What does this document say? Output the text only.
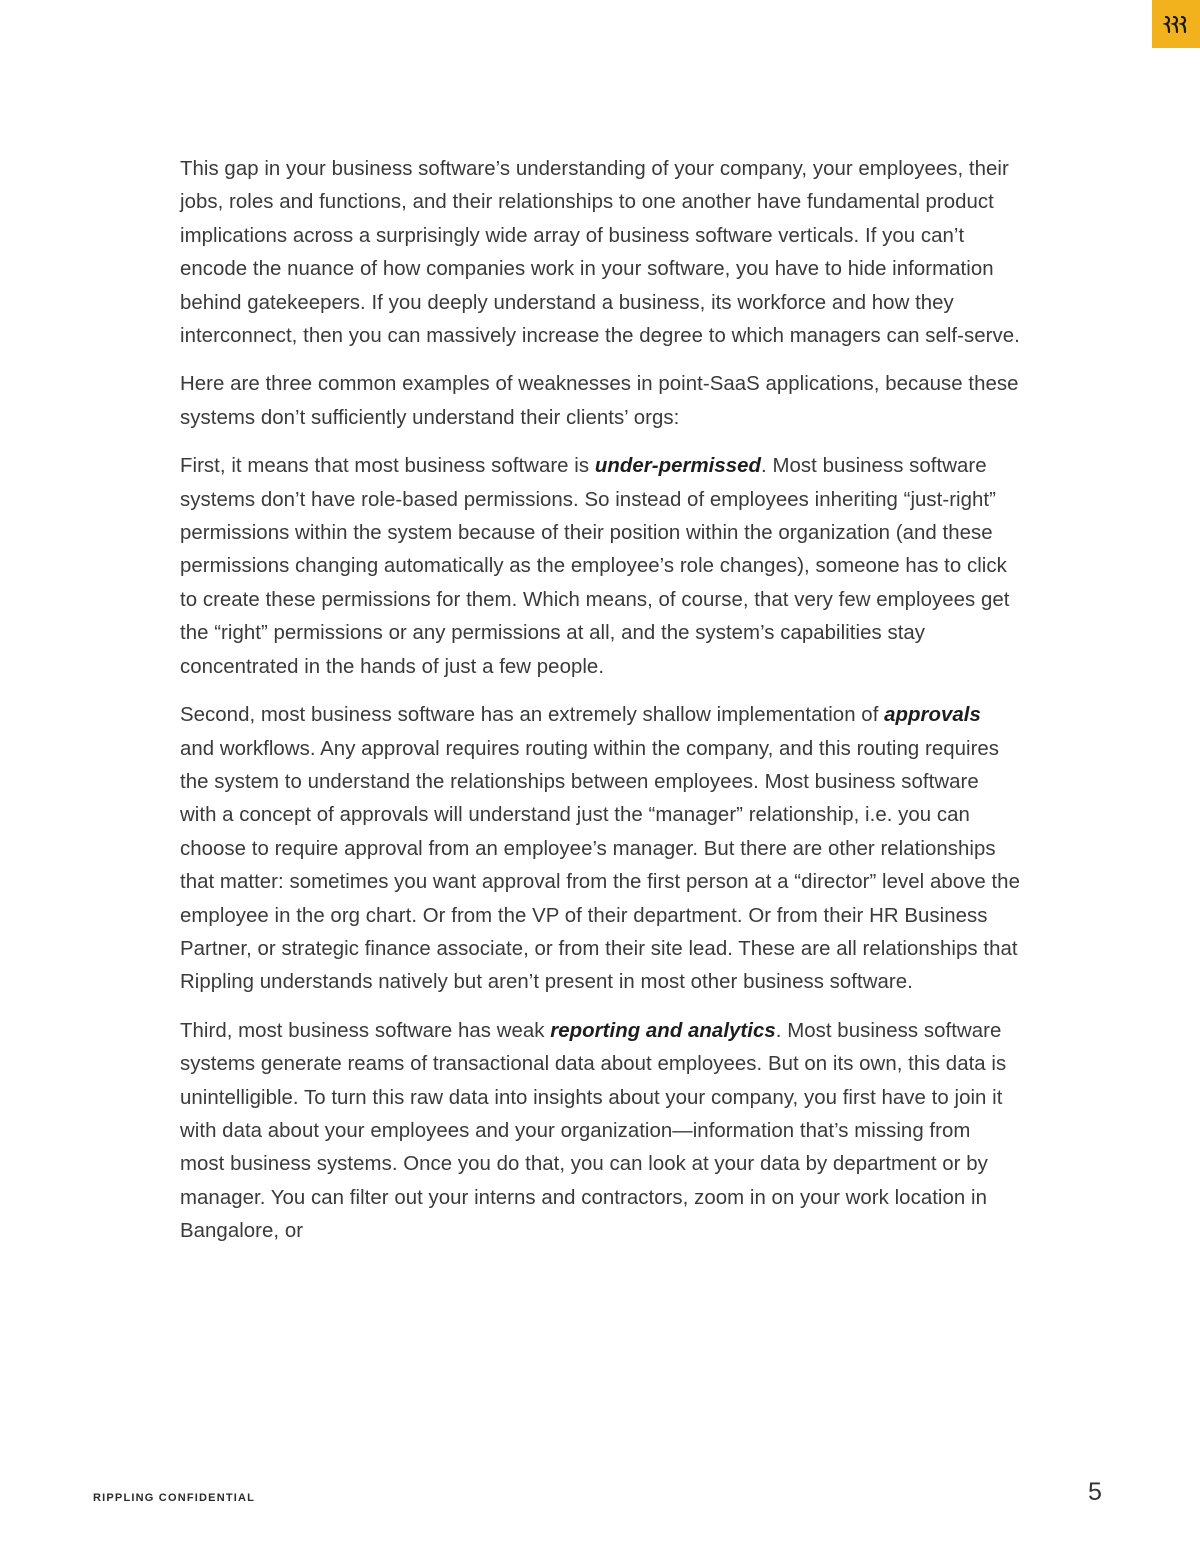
This gap in your business software’s understanding of your company, your employees, their jobs, roles and functions, and their relationships to one another have fundamental product implications across a surprisingly wide array of business software verticals. If you can’t encode the nuance of how companies work in your software, you have to hide information behind gatekeepers. If you deeply understand a business, its workforce and how they interconnect, then you can massively increase the degree to which managers can self-serve.

Here are three common examples of weaknesses in point-SaaS applications, because these systems don’t sufficiently understand their clients’ orgs:

First, it means that most business software is under-permissed. Most business software systems don’t have role-based permissions. So instead of employees inheriting “just-right” permissions within the system because of their position within the organization (and these permissions changing automatically as the employee’s role changes), someone has to click to create these permissions for them. Which means, of course, that very few employees get the “right” permissions or any permissions at all, and the system’s capabilities stay concentrated in the hands of just a few people.

Second, most business software has an extremely shallow implementation of approvals and workflows. Any approval requires routing within the company, and this routing requires the system to understand the relationships between employees. Most business software with a concept of approvals will understand just the “manager” relationship, i.e. you can choose to require approval from an employee’s manager. But there are other relationships that matter: sometimes you want approval from the first person at a “director” level above the employee in the org chart. Or from the VP of their department. Or from their HR Business Partner, or strategic finance associate, or from their site lead. These are all relationships that Rippling understands natively but aren’t present in most other business software.

Third, most business software has weak reporting and analytics. Most business software systems generate reams of transactional data about employees. But on its own, this data is unintelligible. To turn this raw data into insights about your company, you first have to join it with data about your employees and your organization—information that’s missing from most business systems. Once you do that, you can look at your data by department or by manager. You can filter out your interns and contractors, zoom in on your work location in Bangalore, or

RIPPLING CONFIDENTIAL	5
